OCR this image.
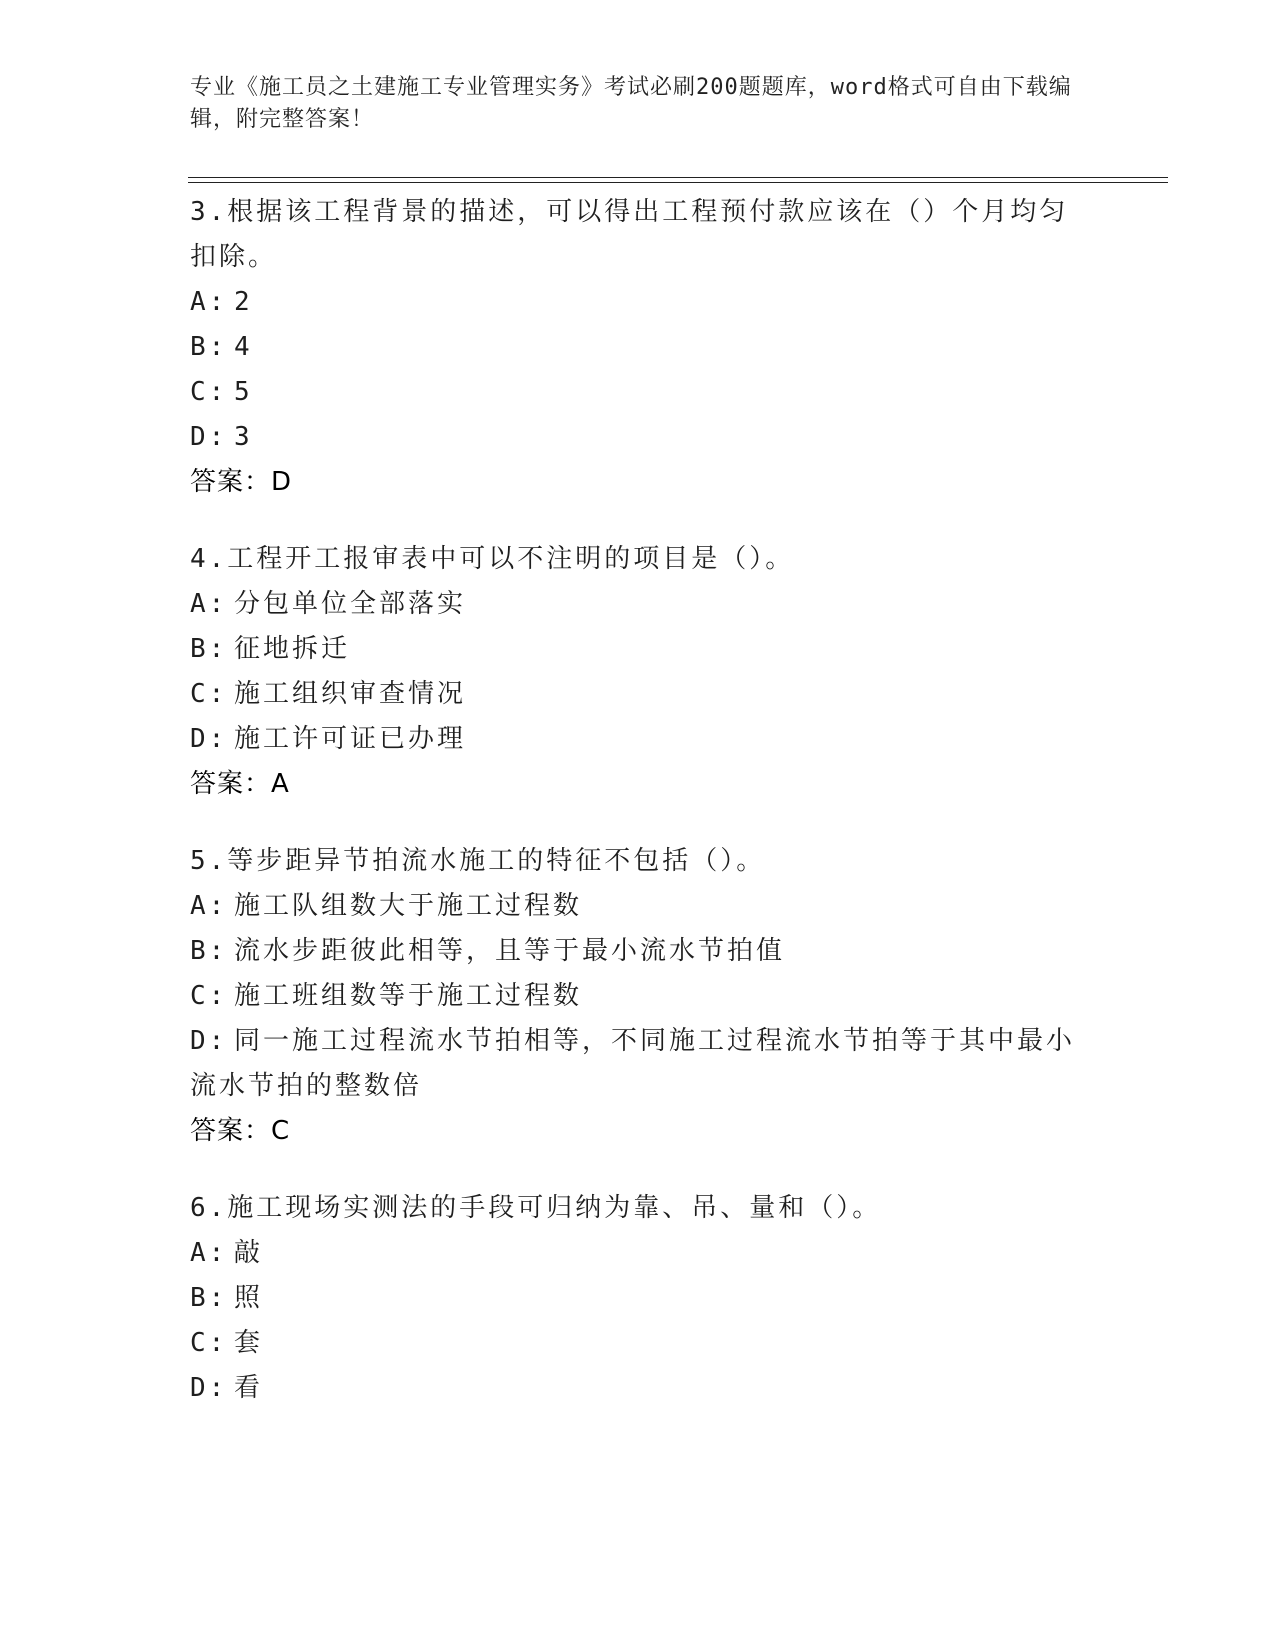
专业《施工员之土建施工专业管理实务》考试必刷200题题库，word格式可自由下载编辑，附完整答案！
3.根据该工程背景的描述，可以得出工程预付款应该在（）个月均匀扣除。
A: 2
B: 4
C: 5
D: 3
答案：D
4.工程开工报审表中可以不注明的项目是（）。
A: 分包单位全部落实
B: 征地拆迁
C: 施工组织审查情况
D: 施工许可证已办理
答案：A
5.等步距异节拍流水施工的特征不包括（）。
A: 施工队组数大于施工过程数
B: 流水步距彼此相等，且等于最小流水节拍值
C: 施工班组数等于施工过程数
D: 同一施工过程流水节拍相等，不同施工过程流水节拍等于其中最小流水节拍的整数倍
答案：C
6.施工现场实测法的手段可归纳为靠、吊、量和（）。
A: 敲
B: 照
C: 套
D: 看
